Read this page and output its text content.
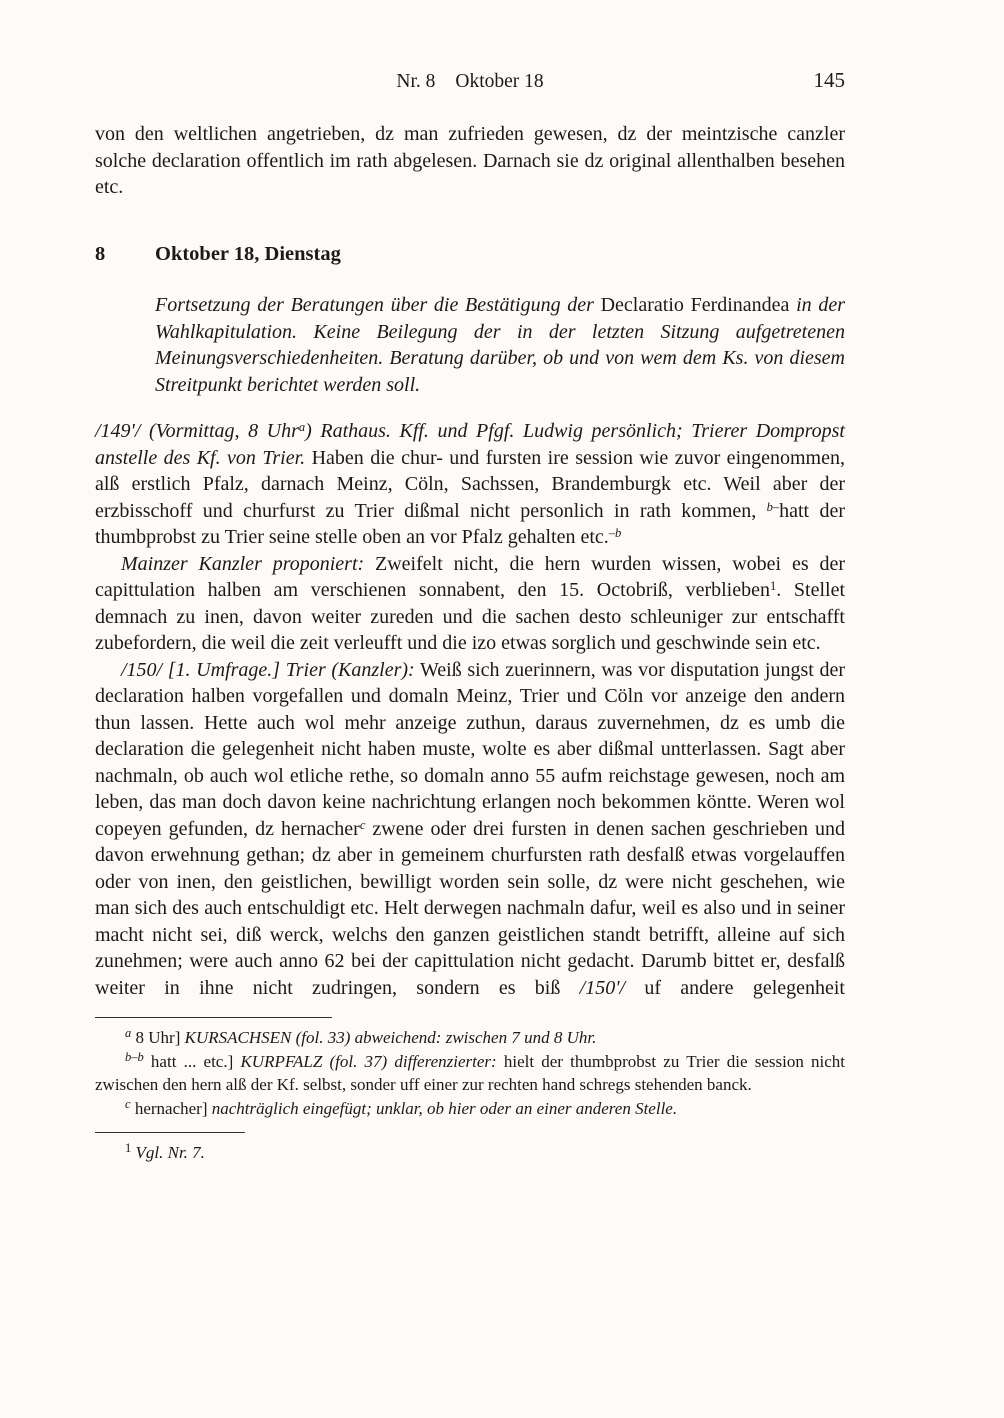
Nr. 8 Oktober 18	145

von den weltlichen angetrieben, dz man zufrieden gewesen, dz der meintzische canzler solche declaration offentlich im rath abgelesen. Darnach sie dz original allenthalben besehen etc.

8	Oktober 18, Dienstag

Fortsetzung der Beratungen über die Bestätigung der Declaratio Ferdinandea in der Wahlkapitulation. Keine Beilegung der in der letzten Sitzung aufgetretenen Meinungsverschiedenheiten. Beratung darüber, ob und von wem dem Ks. von diesem Streitpunkt berichtet werden soll.

/149'/ (Vormittag, 8 Uhr$^a$) Rathaus. Kff. und Pfgf. Ludwig persönlich; Trierer Dompropst anstelle des Kf. von Trier. Haben die chur- und fursten ire session wie zuvor eingenommen, alß erstlich Pfalz, darnach Meinz, Cöln, Sachssen, Brandemburgk etc. Weil aber der erzbisschoff und churfurst zu Trier dißmal nicht personlich in rath kommen, $^{b-}$hatt der thumbprobst zu Trier seine stelle oben an vor Pfalz gehalten etc.$^{-b}$

Mainzer Kanzler proponiert: Zweifelt nicht, die hern wurden wissen, wobei es der capittulation halben am verschienen sonnabent, den 15. Octobriß, verblieben$^1$. Stellet demnach zu inen, davon weiter zureden und die sachen desto schleuniger zur entschafft zubefordern, die weil die zeit verleufft und die izo etwas sorglich und geschwinde sein etc.

/150/ [1. Umfrage.] Trier (Kanzler): Weiß sich zuerinnern, was vor disputation jungst der declaration halben vorgefallen und domaln Meinz, Trier und Cöln vor anzeige den andern thun lassen. Hette auch wol mehr anzeige zuthun, daraus zuvernehmen, dz es umb die declaration die gelegenheit nicht haben muste, wolte es aber dißmal untterlassen. Sagt aber nachmaln, ob auch wol etliche rethe, so domaln anno 55 aufm reichstage gewesen, noch am leben, das man doch davon keine nachrichtung erlangen noch bekommen köntte. Weren wol copeyen gefunden, dz hernacher$^c$ zwene oder drei fursten in denen sachen geschrieben und davon erwehnung gethan; dz aber in gemeinem churfursten rath desfalß etwas vorgelauffen oder von inen, den geistlichen, bewilligt worden sein solle, dz were nicht geschehen, wie man sich des auch entschuldigt etc. Helt derwegen nachmaln dafur, weil es also und in seiner macht nicht sei, diß werck, welchs den ganzen geistlichen standt betrifft, alleine auf sich zunehmen; were auch anno 62 bei der capittulation nicht gedacht. Darumb bittet er, desfalß weiter in ihne nicht zudringen, sondern es biß /150'/ uf andere gelegenheit

$^a$ 8 Uhr] KURSACHSEN (fol. 33) abweichend: zwischen 7 und 8 Uhr.

$^{b-b}$ hatt ... etc.] KURPFALZ (fol. 37) differenzierter: hielt der thumbprobst zu Trier die session nicht zwischen den hern alß der Kf. selbst, sonder uff einer zur rechten hand schregs stehenden banck.

$^c$ hernacher] nachträglich eingefügt; unklar, ob hier oder an einer anderen Stelle.

$^1$ Vgl. Nr. 7.
